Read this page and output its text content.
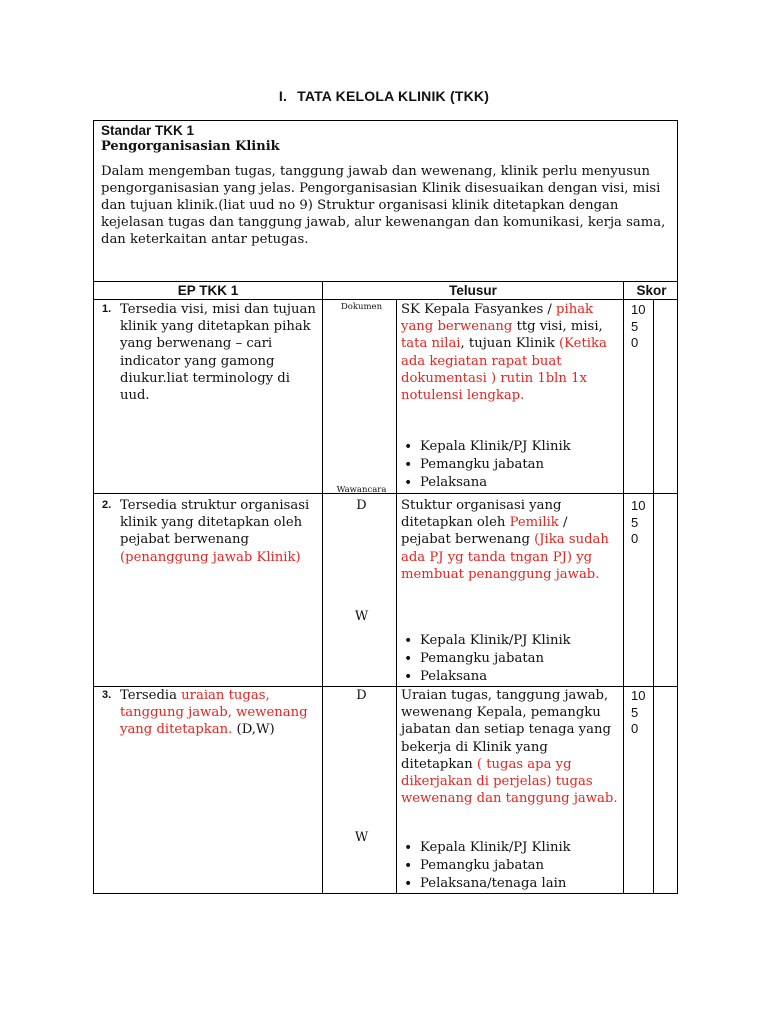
I. TATA KELOLA KLINIK (TKK)
Standar TKK 1
Pengorganisasian Klinik
Dalam mengemban tugas, tanggung jawab dan wewenang, klinik perlu menyusun pengorganisasian yang jelas. Pengorganisasian Klinik disesuaikan dengan visi, misi dan tujuan klinik.(liat uud no 9) Struktur organisasi klinik ditetapkan dengan kejelasan tugas dan tanggung jawab, alur kewenangan dan komunikasi, kerja sama, dan keterkaitan antar petugas.
EP TKK 1	Telusur	Skor
1. Tersedia visi, misi dan tujuan klinik yang ditetapkan pihak yang berwenang – cari indicator yang gamong diukur.liat terminology di uud.
Dokumen
Wawancara
SK Kepala Fasyankes / pihak yang berwenang ttg visi, misi, tata nilai, tujuan Klinik (Ketika ada kegiatan rapat buat dokumentasi ) rutin 1bln 1x notulensi lengkap.
• Kepala Klinik/PJ Klinik
• Pemangku jabatan
• Pelaksana
10
5
0
2. Tersedia struktur organisasi klinik yang ditetapkan oleh pejabat berwenang (penanggung jawab Klinik)
D
W
Stuktur organisasi yang ditetapkan oleh Pemilik / pejabat berwenang (Jika sudah ada PJ yg tanda tngan PJ) yg membuat penanggung jawab.
• Kepala Klinik/PJ Klinik
• Pemangku jabatan
• Pelaksana
10
5
0
3. Tersedia uraian tugas, tanggung jawab, wewenang yang ditetapkan. (D,W)
D
W
Uraian tugas, tanggung jawab, wewenang Kepala, pemangku jabatan dan setiap tenaga yang bekerja di Klinik yang ditetapkan ( tugas apa yg dikerjakan di perjelas) tugas wewenang dan tanggung jawab.
• Kepala Klinik/PJ Klinik
• Pemangku jabatan
• Pelaksana/tenaga lain
10
5
0
